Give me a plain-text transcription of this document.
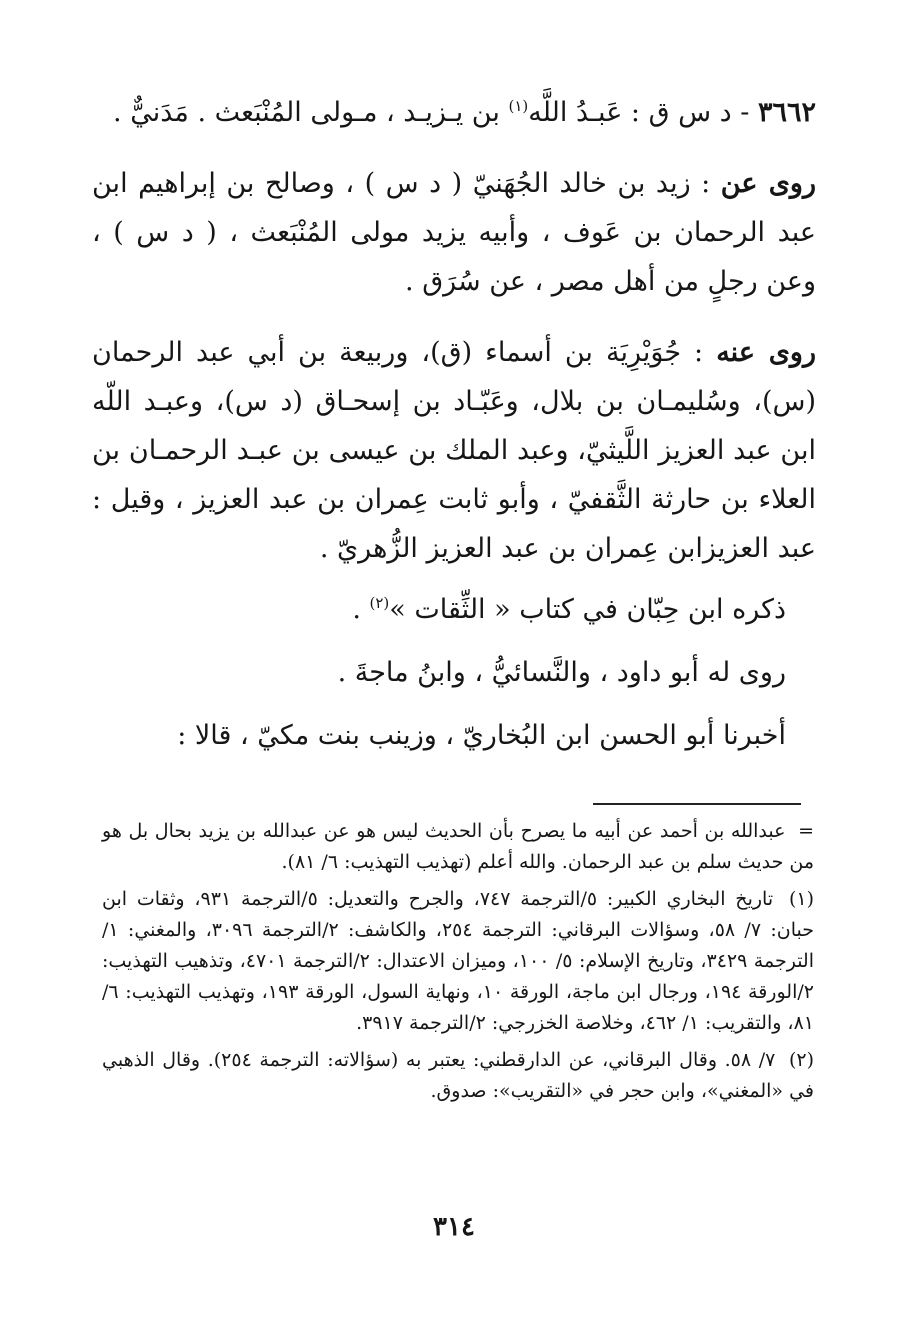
٣٦٦٢ - د س ق : عَبـدُ اللَّه$^{(١)}$ بن يـزيـد ، مـولى المُنْبَعث . مَدَنيٌّ .

روى عن : زيد بن خالد الجُهَنيّ ( د س ) ، وصالح بن إبراهيم ابن عبد الرحمان بن عَوف ، وأبيه يزيد مولى المُنْبَعث ، ( د س ) ، وعن رجلٍ من أهل مصر ، عن سُرَق .

روى عنه : جُوَيْرِيَة بن أسماء (ق)، وربيعة بن أبي عبد الرحمان (س)، وسُليمـان بن بلال، وعَبّـاد بن إسحـاق (د س)، وعبـد اللّه ابن عبد العزيز اللَّيثيّ، وعبد الملك بن عيسى بن عبـد الرحمـان بن العلاء بن حارثة الثَّقفيّ ، وأبو ثابت عِمران بن عبد العزيز ، وقيل : عبد العزيزابن عِمران بن عبد العزيز الزُّهريّ .

ذكره ابن حِبّان في كتاب « الثِّقات »$^{(٢)}$ .

روى له أبو داود ، والنَّسائيُّ ، وابنُ ماجةَ .

أخبرنا أبو الحسن ابن البُخاريّ ، وزينب بنت مكيّ ، قالا :

= عبدالله بن أحمد عن أبيه ما يصرح بأن الحديث ليس هو عن عبدالله بن يزيد بحال بل هو من حديث سلم بن عبد الرحمان. والله أعلم (تهذيب التهذيب: ٦/ ٨١).

(١) تاريخ البخاري الكبير: ٥/الترجمة ٧٤٧، والجرح والتعديل: ٥/الترجمة ٩٣١، وثقات ابن حبان: ٧/ ٥٨، وسؤالات البرقاني: الترجمة ٢٥٤، والكاشف: ٢/الترجمة ٣٠٩٦، والمغني: ١/الترجمة ٣٤٢٩، وتاريخ الإسلام: ٥/ ١٠٠، وميزان الاعتدال: ٢/الترجمة ٤٧٠١، وتذهيب التهذيب: ٢/الورقة ١٩٤، ورجال ابن ماجة، الورقة ١٠، ونهاية السول، الورقة ١٩٣، وتهذيب التهذيب: ٦/ ٨١، والتقريب: ١/ ٤٦٢، وخلاصة الخزرجي: ٢/الترجمة ٣٩١٧.

(٢) ٧/ ٥٨. وقال البرقاني، عن الدارقطني: يعتبر به (سؤالاته: الترجمة ٢٥٤). وقال الذهبي في «المغني»، وابن حجر في «التقريب»: صدوق.

٣١٤
